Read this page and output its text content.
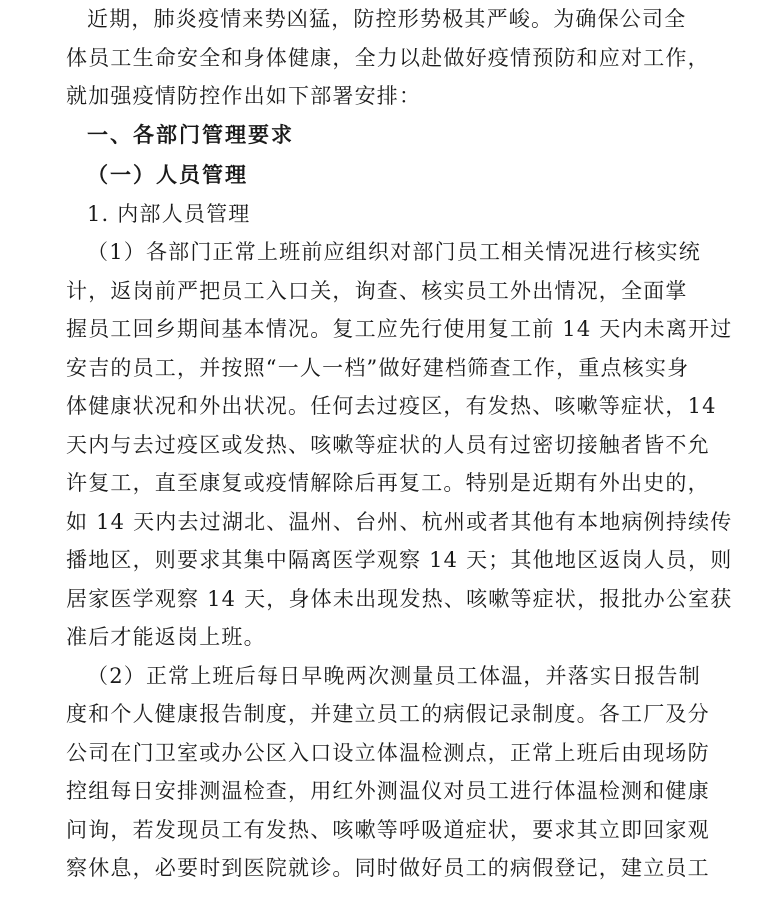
近期，肺炎疫情来势凶猛，防控形势极其严峻。为确保公司全
体员工生命安全和身体健康，全力以赴做好疫情预防和应对工作，
就加强疫情防控作出如下部署安排：

一、各部门管理要求

（一）人员管理

1. 内部人员管理

（1）各部门正常上班前应组织对部门员工相关情况进行核实统
计，返岗前严把员工入口关，询查、核实员工外出情况，全面掌
握员工回乡期间基本情况。复工应先行使用复工前 14 天内未离开过
安吉的员工，并按照“一人一档”做好建档筛查工作，重点核实身
体健康状况和外出状况。任何去过疫区，有发热、咳嗽等症状，14
天内与去过疫区或发热、咳嗽等症状的人员有过密切接触者皆不允
许复工，直至康复或疫情解除后再复工。特别是近期有外出史的，
如 14 天内去过湖北、温州、台州、杭州或者其他有本地病例持续传
播地区，则要求其集中隔离医学观察 14 天；其他地区返岗人员，则
居家医学观察 14 天，身体未出现发热、咳嗽等症状，报批办公室获
准后才能返岗上班。

（2）正常上班后每日早晚两次测量员工体温，并落实日报告制
度和个人健康报告制度，并建立员工的病假记录制度。各工厂及分
公司在门卫室或办公区入口设立体温检测点，正常上班后由现场防
控组每日安排测温检查，用红外测温仪对员工进行体温检测和健康
问询，若发现员工有发热、咳嗽等呼吸道症状，要求其立即回家观
察休息，必要时到医院就诊。同时做好员工的病假登记，建立员工
